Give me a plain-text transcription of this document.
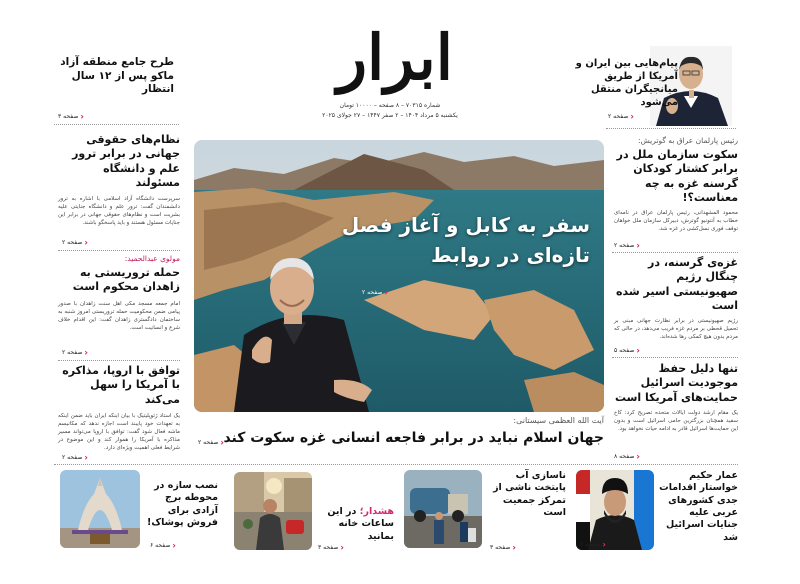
ابرار
شماره ۷۰۳۱۵ – ۸ صفحه – ۱۰۰۰۰ تومان
یکشنبه ۵ مرداد ۱۴۰۴ – ۲ صفر ۱۴۴۷ – ۲۷ جولای ۲۰۲۵
طرح جامع منطقه آزاد ماکو پس از ۱۲ سال انتظار
‹‹‹
صفحه ۳
پیام‌هایی بین ایران و آمریکا از طریق میانجیگران منتقل می‌شود
‹‹‹
صفحه ۲
نظام‌های حقوقی جهانی در برابر ترور علم و دانشگاه مسئولند
سرپرست دانشگاه آزاد اسلامی با اشاره به ترور دانشمندان گفت: ترور علم و دانشگاه جنایتی علیه بشریت است و نظام‌های حقوقی جهانی در برابر این جنایات مسئول هستند و باید پاسخگو باشند.
‹‹‹
صفحه ۲
مولوی عبدالحمید:
حمله تروریستی به زاهدان محکوم است
امام جمعه مسجد مکی اهل سنت زاهدان با صدور پیامی ضمن محکومیت حمله تروریستی امروز شنبه به ساختمان دادگستری زاهدان گفت: این اقدام خلاف شرع و انسانیت است.
‹‹‹
صفحه ۲
توافق با اروپا، مذاکره با آمریکا را سهل می‌کند
یک استاد ژئوپلیتیک با بیان اینکه ایران باید ضمن اینکه به تعهدات خود پایبند است اجازه ندهد که مکانیسم ماشه فعال شود گفت: توافق با اروپا می‌تواند مسیر مذاکره با آمریکا را هموار کند و این موضوع در شرایط فعلی اهمیت ویژه‌ای دارد.
‹‹‹
صفحه ۲
سفر به کابل و آغاز فصل تازه‌ای در روابط
‹‹‹
صفحه ۲
رئیس پارلمان عراق به گوتریش:
سکوت سازمان ملل در برابر کشتار کودکان گرسنه غزه به چه معناست؟!
محمود المشهدانی، رئیس پارلمان عراق در نامه‌ای خطاب به آنتونیو گوترش، دبیرکل سازمان ملل خواهان توقف فوری نسل‌کشی در غزه شد.
‹‹‹
صفحه ۲
غزه‌ی گرسنه، در چنگال رژیم صهیونیستی اسیر شده است
رژیم صهیونیستی در برابر نظارت جهانی مبنی بر تحمیل قحطی بر مردم غزه فریب می‌دهد، در حالی که مردم بدون هیچ کمکی رها شده‌اند.
‹‹‹
صفحه ۵
تنها دلیل حفظ موجودیت اسرائیل حمایت‌های آمریکا است
یک مقام ارشد دولت ایالات متحده تصریح کرد: کاخ سفید همچنان بزرگترین حامی اسرائیل است و بدون این حمایت‌ها اسرائیل قادر به ادامه حیات نخواهد بود.
‹‹‹
صفحه ۸
آیت الله العظمی سیستانی:
جهان اسلام نباید در برابر فاجعه انسانی غزه سکوت کند
‹‹‹
صفحه ۲
عمار حکیم خواستار اقدامات جدی کشورهای عربی علیه جنایات اسرائیل شد
‹‹‹
صفحه ۸
ناسازی آب پایتخت ناشی از تمرکز جمعیت است
‹‹‹
صفحه ۳
هشدار؛ در این ساعات خانه بمانید
‹‹‹
صفحه ۳
نصب سازه در محوطه برج آزادی برای فروش پوشاک!
‹‹‹
صفحه ۶
